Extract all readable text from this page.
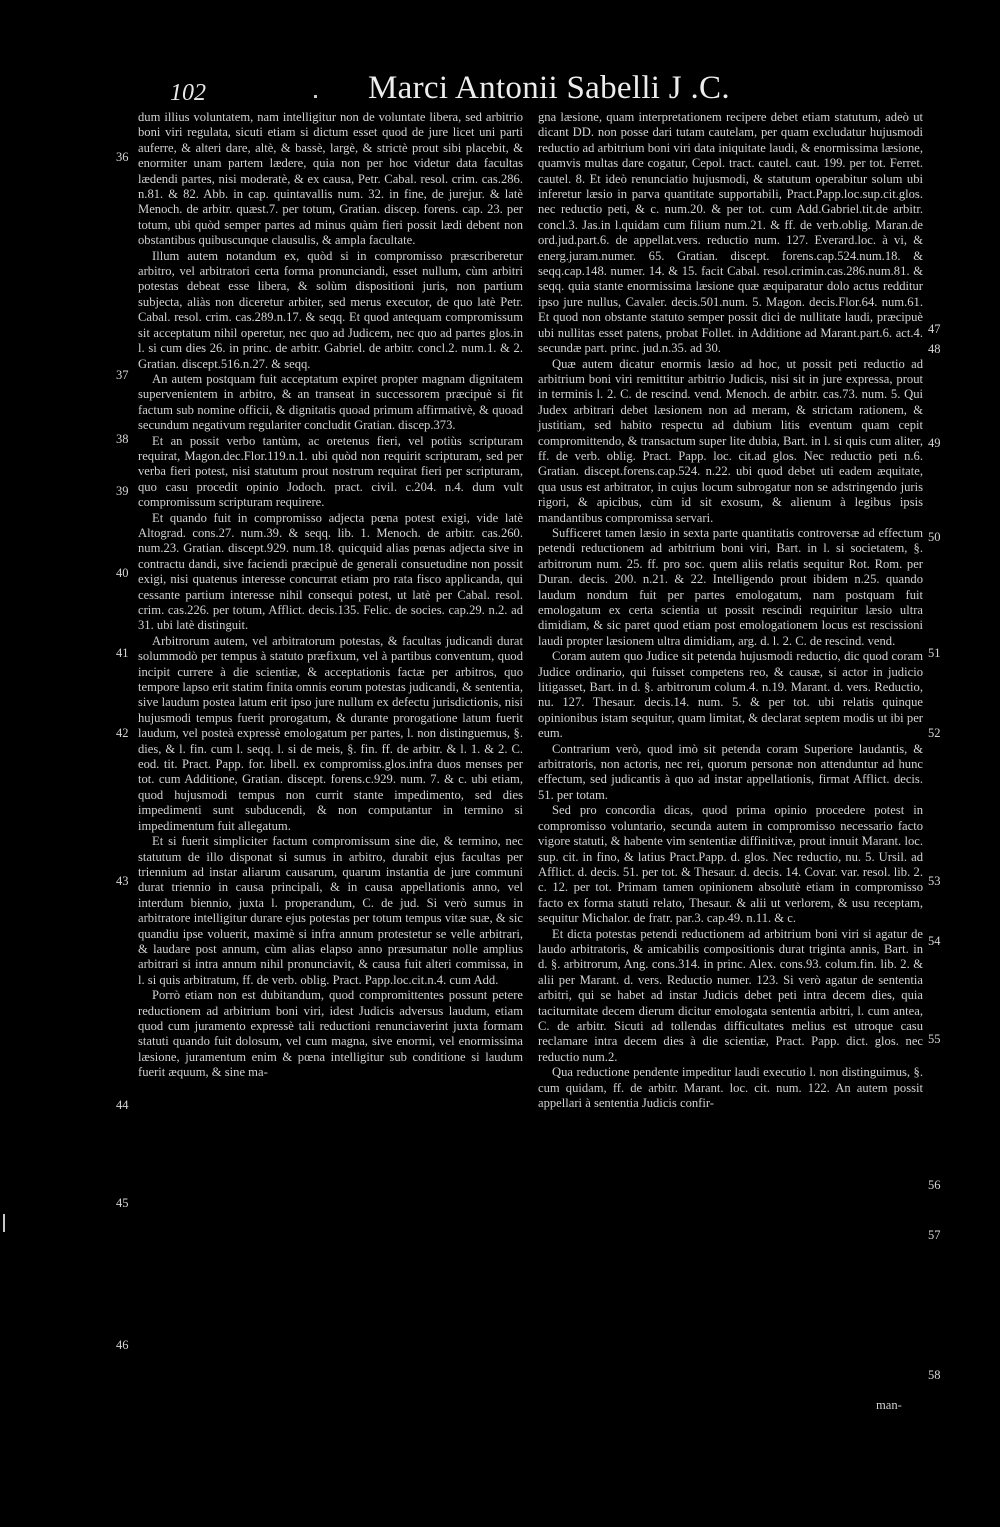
102	Marci Antonii Sabelli J .C.

dum illius voluntatem, nam intelligitur non de voluntate libera, sed arbitrio boni viri regulata, sicuti etiam si dictum esset quod de jure licet uni parti auferre, & alteri dare, altè, & bassè, largè, & strictè prout sibi placebit, & enormiter unam partem lædere, quia non per hoc videtur data facultas lædendi partes, nisi moderatè, & ex causa, Petr. Cabal. resol. crim. cas.286. n.81. & 82. Abb. in cap. quintavallis num. 32. in fine, de jurejur. & latè Menoch. de arbitr. quæst.7. per totum, Gratian. discep. forens. cap. 23. per totum, ubi quòd semper partes ad minus quàm fieri possit lædi debent non obstantibus quibuscunque clausulis, & ampla facultate.

Illum autem notandum ex, quòd si in compromisso præscriberetur arbitro, vel arbitratori certa forma pronunciandi, esset nullum, cùm arbitri potestas debeat esse libera, & solùm dispositioni juris, non partium subjecta, aliàs non diceretur arbiter, sed merus executor, de quo latè Petr. Cabal. resol. crim. cas.289.n.17. & seqq. Et quod antequam compromissum sit acceptatum nihil operetur, nec quo ad Judicem, nec quo ad partes glos.in l. si cum dies 26. in princ. de arbitr. Gabriel. de arbitr. concl.2. num.1. & 2. Gratian. discept.516.n.27. & seqq.

An autem postquam fuit acceptatum expiret propter magnam dignitatem supervenientem in arbitro, & an transeat in successorem præcipuè si fit factum sub nomine officii, & dignitatis quoad primum affirmativè, & quoad secundum negativum regulariter concludit Gratian. discep.373.

Et an possit verbo tantùm, ac oretenus fieri, vel potiùs scripturam requirat, Magon.dec.Flor.119.n.1. ubi quòd non requirit scripturam, sed per verba fieri potest, nisi statutum prout nostrum requirat fieri per scripturam, quo casu procedit opinio Jodoch. pract. civil. c.204. n.4. dum vult compromissum scripturam requirere.

Et quando fuit in compromisso adjecta pœna potest exigi, vide latè Altograd. cons.27. num.39. & seqq. lib. 1. Menoch. de arbitr. cas.260. num.23. Gratian. discept.929. num.18. quicquid alias pœnas adjecta sive in contractu dandi, sive faciendi præcipuè de generali consuetudine non possit exigi, nisi quatenus interesse concurrat etiam pro rata fisco applicanda, qui cessante partium interesse nihil consequi potest, ut latè per Cabal. resol. crim. cas.226. per totum, Afflict. decis.135. Felic. de socies. cap.29. n.2. ad 31. ubi latè distinguit.

Arbitrorum autem, vel arbitratorum potestas, & facultas judicandi durat solummodò per tempus à statuto præfixum, vel à partibus conventum, quod incipit currere à die scientiæ, & acceptationis factæ per arbitros, quo tempore lapso erit statim finita omnis eorum potestas judicandi, & sententia, sive laudum postea latum erit ipso jure nullum ex defectu jurisdictionis, nisi hujusmodi tempus fuerit prorogatum, & durante prorogatione latum fuerit laudum, vel posteà expressè emologatum per partes, l. non distinguemus, §. dies, & l. fin. cum l. seqq. l. si de meis, §. fin. ff. de arbitr. & l. 1. & 2. C. eod. tit. Pract. Papp. for. libell. ex compromiss.glos.infra duos menses per tot. cum Additione, Gratian. discept. forens.c.929. num. 7. & c. ubi etiam, quod hujusmodi tempus non currit stante impedimento, sed dies impedimenti sunt subducendi, & non computantur in termino si impedimentum fuit allegatum.

Et si fuerit simpliciter factum compromissum sine die, & termino, nec statutum de illo disponat si sumus in arbitro, durabit ejus facultas per triennium ad instar aliarum causarum, quarum instantia de jure communi durat triennio in causa principali, & in causa appellationis anno, vel interdum biennio, juxta l. properandum, C. de jud. Si verò sumus in arbitratore intelligitur durare ejus potestas per totum tempus vitæ suæ, & sic quandiu ipse voluerit, maximè si infra annum protestetur se velle arbitrari, & laudare post annum, cùm alias elapso anno præsumatur nolle amplius arbitrari si intra annum nihil pronunciavit, & causa fuit alteri commissa, in l. si quis arbitratum, ff. de verb. oblig. Pract. Papp.loc.cit.n.4. cum Add.

Porrò etiam non est dubitandum, quod compromittentes possunt petere reductionem ad arbitrium boni viri, idest Judicis adversus laudum, etiam quod cum juramento expressè tali reductioni renunciaverint juxta formam statuti quando fuit dolosum, vel cum magna, sive enormi, vel enormissima læsione, juramentum enim & pœna intelligitur sub conditione si laudum fuerit æquum, & sine ma-

gna læsione, quam interpretationem recipere debet etiam statutum, adeò ut dicant DD. non posse dari tutam cautelam, per quam excludatur hujusmodi reductio ad arbitrium boni viri data iniquitate laudi, & enormissima læsione, quamvis multas dare cogatur, Cepol. tract. cautel. caut. 199. per tot. Ferret. cautel. 8. Et ideò renunciatio hujusmodi, & statutum operabitur solum ubi inferetur læsio in parva quantitate supportabili, Pract.Papp.loc.sup.cit.glos. nec reductio peti, & c. num.20. & per tot. cum Add.Gabriel.tit.de arbitr. concl.3. Jas.in l.quidam cum filium num.21. & ff. de verb.oblig. Maran.de ord.jud.part.6. de appellat.vers. reductio num. 127. Everard.loc. à vi, & energ.juram.numer. 65. Gratian. discept. forens.cap.524.num.18. & seqq.cap.148. numer. 14. & 15. facit Cabal. resol.crimin.cas.286.num.81. & seqq. quia stante enormissima læsione quæ æquiparatur dolo actus redditur ipso jure nullus, Cavaler. decis.501.num. 5. Magon. decis.Flor.64. num.61. Et quod non obstante statuto semper possit dici de nullitate laudi, præcipuè ubi nullitas esset patens, probat Follet. in Additione ad Marant.part.6. act.4. secundæ part. princ. jud.n.35. ad 30.

Quæ autem dicatur enormis læsio ad hoc, ut possit peti reductio ad arbitrium boni viri remittitur arbitrio Judicis, nisi sit in jure expressa, prout in terminis l. 2. C. de rescind. vend. Menoch. de arbitr. cas.73. num. 5. Qui Judex arbitrari debet læsionem non ad meram, & strictam rationem, & justitiam, sed habito respectu ad dubium litis eventum quam cepit compromittendo, & transactum super lite dubia, Bart. in l. si quis cum aliter, ff. de verb. oblig. Pract. Papp. loc. cit.ad glos. Nec reductio peti n.6. Gratian. discept.forens.cap.524. n.22. ubi quod debet uti eadem æquitate, qua usus est arbitrator, in cujus locum subrogatur non se adstringendo juris rigori, & apicibus, cùm id sit exosum, & alienum à legibus ipsis mandantibus compromissa servari.

Sufficeret tamen læsio in sexta parte quantitatis controversæ ad effectum petendi reductionem ad arbitrium boni viri, Bart. in l. si societatem, §. arbitrorum num. 25. ff. pro soc. quem aliis relatis sequitur Rot. Rom. per Duran. decis. 200. n.21. & 22. Intelligendo prout ibidem n.25. quando laudum nondum fuit per partes emologatum, nam postquam fuit emologatum ex certa scientia ut possit rescindi requiritur læsio ultra dimidiam, & sic paret quod etiam post emologationem locus est rescissioni laudi propter læsionem ultra dimidiam, arg. d. l. 2. C. de rescind. vend.

Coram autem quo Judice sit petenda hujusmodi reductio, dic quod coram Judice ordinario, qui fuisset competens reo, & causæ, si actor in judicio litigasset, Bart. in d. §. arbitrorum colum.4. n.19. Marant. d. vers. Reductio, nu. 127. Thesaur. decis.14. num. 5. & per tot. ubi relatis quinque opinionibus istam sequitur, quam limitat, & declarat septem modis ut ibi per eum.

Contrarium verò, quod imò sit petenda coram Superiore laudantis, & arbitratoris, non actoris, nec rei, quorum personæ non attenduntur ad hunc effectum, sed judicantis à quo ad instar appellationis, firmat Afflict. decis. 51. per totam.

Sed pro concordia dicas, quod prima opinio procedere potest in compromisso voluntario, secunda autem in compromisso necessario facto vigore statuti, & habente vim sententiæ diffinitivæ, prout innuit Marant. loc. sup. cit. in fino, & latius Pract.Papp. d. glos. Nec reductio, nu. 5. Ursil. ad Afflict. d. decis. 51. per tot. & Thesaur. d. decis. 14. Covar. var. resol. lib. 2. c. 12. per tot. Primam tamen opinionem absolutè etiam in compromisso facto ex forma statuti relato, Thesaur. & alii ut verlorem, & usu receptam, sequitur Michalor. de fratr. par.3. cap.49. n.11. & c.

Et dicta potestas petendi reductionem ad arbitrium boni viri si agatur de laudo arbitratoris, & amicabilis compositionis durat triginta annis, Bart. in d. §. arbitrorum, Ang. cons.314. in princ. Alex. cons.93. colum.fin. lib. 2. & alii per Marant. d. vers. Reductio numer. 123. Si verò agatur de sententia arbitri, qui se habet ad instar Judicis debet peti intra decem dies, quia taciturnitate decem dierum dicitur emologata sententia arbitri, l. cum antea, C. de arbitr. Sicuti ad tollendas difficultates melius est utroque casu reclamare intra decem dies à die scientiæ, Pract. Papp. dict. glos. nec reductio num.2.

Qua reductione pendente impeditur laudi executio l. non distinguimus, §. cum quidam, ff. de arbitr. Marant. loc. cit. num. 122. An autem possit appellari à sententia Judicis confir-

36
37
38
39
40
41
42
43
44
45
46
47
48
49
50
51
52
53
54
55
56
57
58
man-
